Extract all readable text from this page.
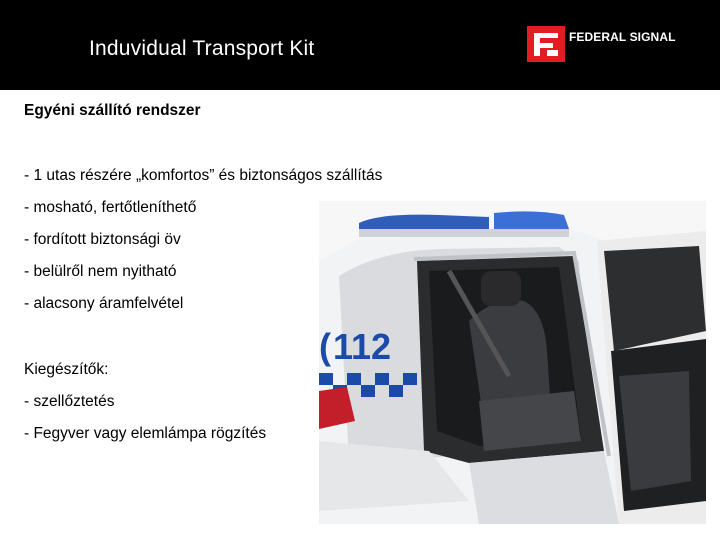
Induvidual Transport Kit	FEDERAL SIGNAL
Egyéni szállító rendszer
- 1 utas részére „komfortos” és biztonságos szállítás
- mosható, fertőtleníthető
- fordított biztonsági öv
- belülről nem nyitható
- alacsony áramfelvétel
Kiegészítők:
- szellőztetés
- Fegyver vagy elemlámpa rögzítés
( 112
